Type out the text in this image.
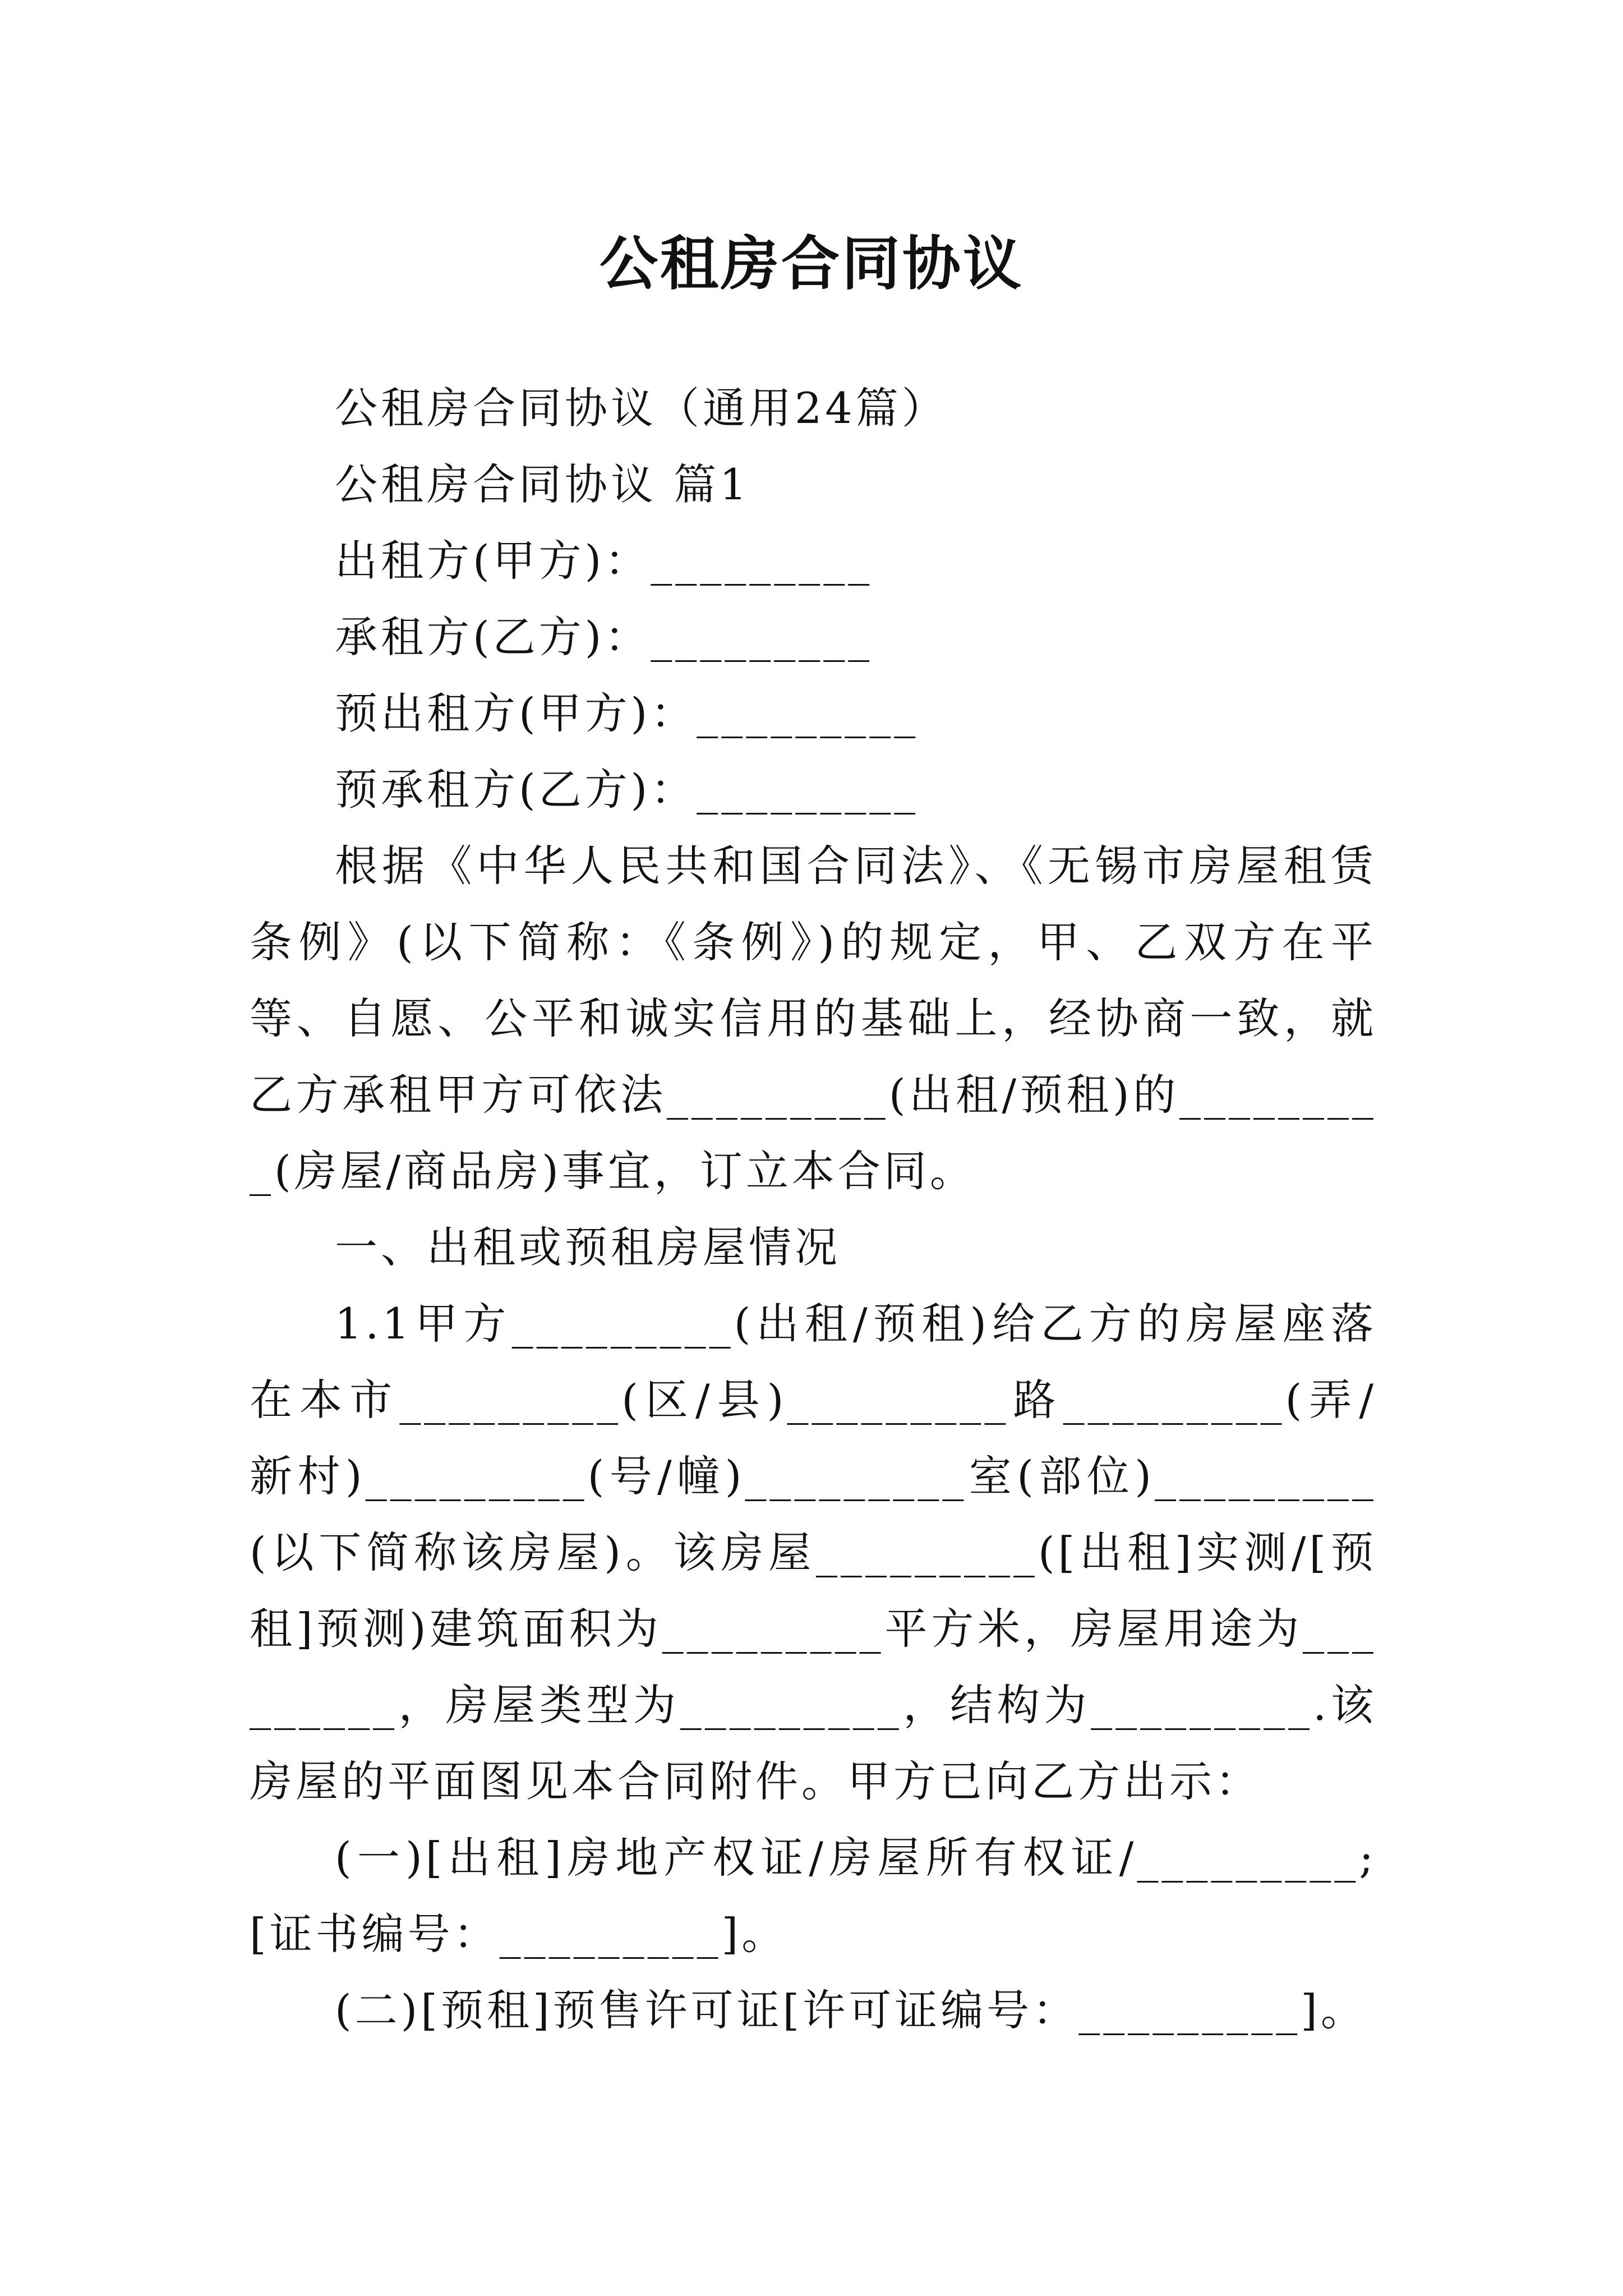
公租房合同协议

公租房合同协议（通用24篇）

公租房合同协议 篇1

出租方(甲方)：_________

承租方(乙方)：_________

预出租方(甲方)：_________

预承租方(乙方)：_________

根据《中华人民共和国合同法》、《无锡市房屋租赁条例》(以下简称：《条例》)的规定，甲、乙双方在平等、自愿、公平和诚实信用的基础上，经协商一致，就乙方承租甲方可依法_________(出租/预租)的_________(房屋/商品房)事宜，订立本合同。

一、出租或预租房屋情况

1.1甲方_________(出租/预租)给乙方的房屋座落在本市_________(区/县)_________路_________(弄/新村)_________(号/幢)_________室(部位)_________(以下简称该房屋)。该房屋_________([出租]实测/[预租]预测)建筑面积为_________平方米，房屋用途为_________，房屋类型为_________，结构为_________.该房屋的平面图见本合同附件。甲方已向乙方出示：

(一)[出租]房地产权证/房屋所有权证/_________;[证书编号：_________]。

(二)[预租]预售许可证[许可证编号：_________]。
